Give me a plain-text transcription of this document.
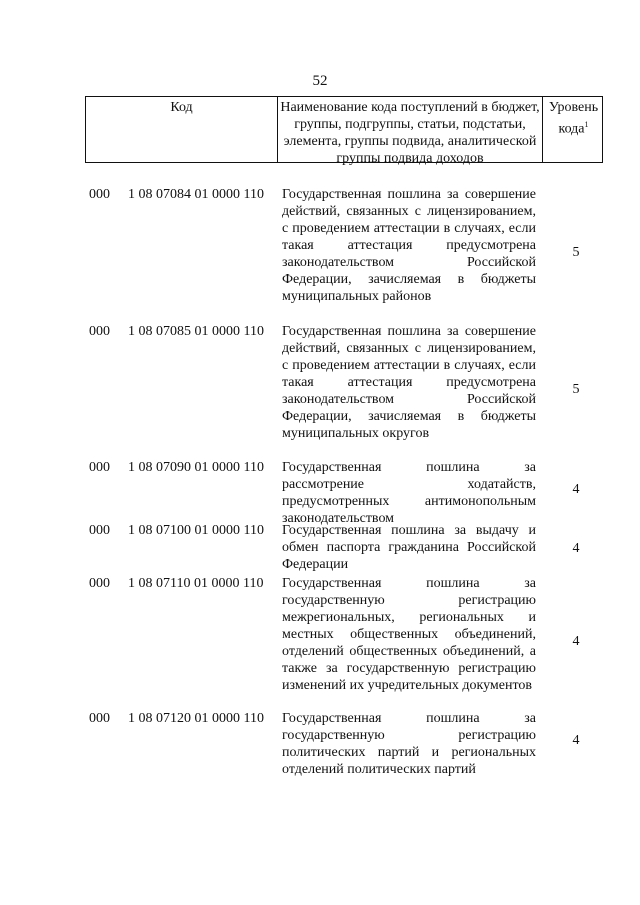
52
Код	Наименование кода поступлений в бюджет, группы, подгруппы, статьи, подстатьи, элемента, группы подвида, аналитической группы подвида доходов
Уровень кода$^1$
000 1 08 07084 01 0000 110 Государственная пошлина за совершение действий, связанных с лицензированием, с проведением аттестации в случаях, если такая аттестация предусмотрена законодательством Российской Федерации, зачисляемая в бюджеты муниципальных районов
5
000 1 08 07085 01 0000 110 Государственная пошлина за совершение действий, связанных с лицензированием, с проведением аттестации в случаях, если такая аттестация предусмотрена законодательством Российской Федерации, зачисляемая в бюджеты муниципальных округов
5
000 1 08 07090 01 0000 110 Государственная пошлина за рассмотрение ходатайств, предусмотренных антимонопольным законодательством
4
000 1 08 07100 01 0000 110 Государственная пошлина за выдачу и обмен паспорта гражданина Российской Федерации
4
000 1 08 07110 01 0000 110 Государственная пошлина за государственную регистрацию межрегиональных, региональных и местных общественных объединений, отделений общественных объединений, а также за государственную регистрацию изменений их учредительных документов
4
000 1 08 07120 01 0000 110 Государственная пошлина за государственную регистрацию политических партий и региональных отделений политических партий
4
